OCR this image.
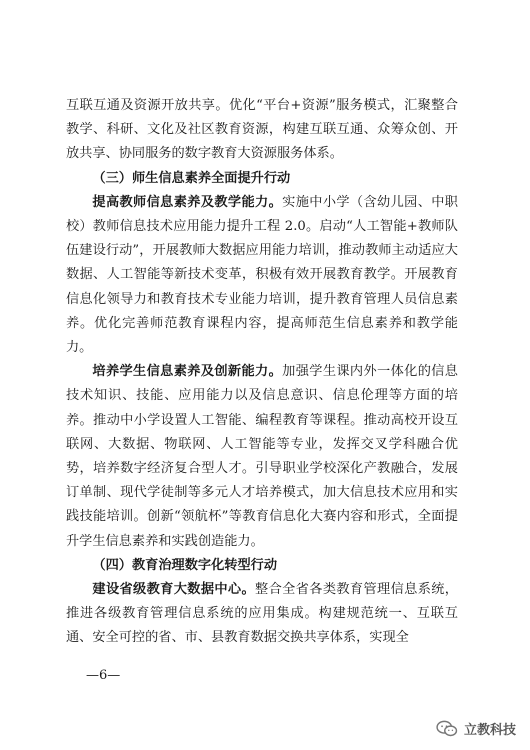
互联互通及资源开放共享。优化“平台+资源”服务模式，汇聚整合教学、科研、文化及社区教育资源，构建互联互通、众筹众创、开放共享、协同服务的数字教育大资源服务体系。

（三）师生信息素养全面提升行动

提高教师信息素养及教学能力。实施中小学（含幼儿园、中职校）教师信息技术应用能力提升工程 2.0。启动“人工智能+教师队伍建设行动”，开展教师大数据应用能力培训，推动教师主动适应大数据、人工智能等新技术变革，积极有效开展教育教学。开展教育信息化领导力和教育技术专业能力培训，提升教育管理人员信息素养。优化完善师范教育课程内容，提高师范生信息素养和教学能力。

培养学生信息素养及创新能力。加强学生课内外一体化的信息技术知识、技能、应用能力以及信息意识、信息伦理等方面的培养。推动中小学设置人工智能、编程教育等课程。推动高校开设互联网、大数据、物联网、人工智能等专业，发挥交叉学科融合优势，培养数字经济复合型人才。引导职业学校深化产教融合，发展订单制、现代学徒制等多元人才培养模式，加大信息技术应用和实践技能培训。创新“领航杯”等教育信息化大赛内容和形式，全面提升学生信息素养和实践创造能力。

（四）教育治理数字化转型行动

建设省级教育大数据中心。整合全省各类教育管理信息系统，推进各级教育管理信息系统的应用集成。构建规范统一、互联互通、安全可控的省、市、县教育数据交换共享体系，实现全

—6—
立教科技
